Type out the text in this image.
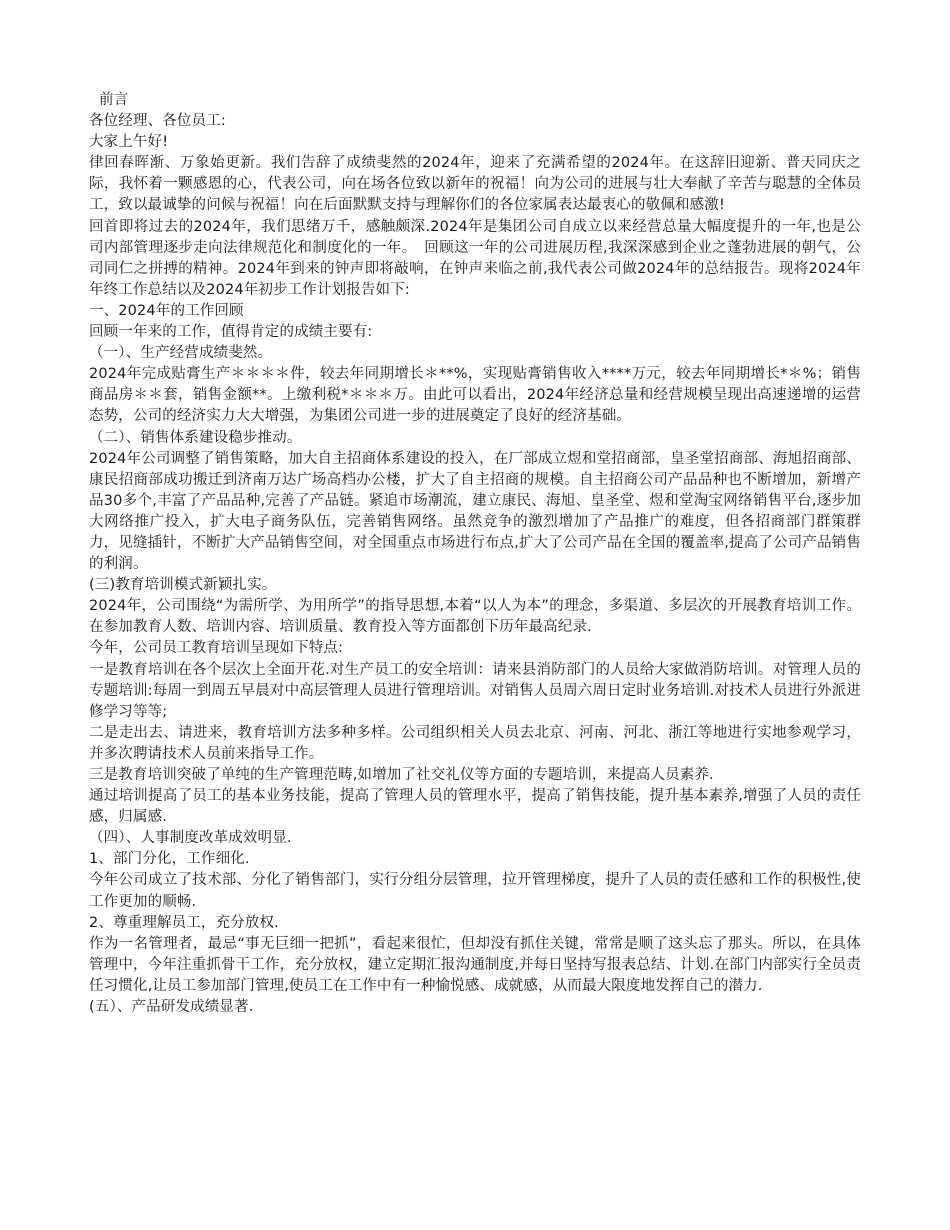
前言

各位经理、各位员工:

大家上午好!

律回春晖渐、万象始更新。我们告辞了成绩斐然的2024年，迎来了充满希望的2024年。在这辞旧迎新、普天同庆之际，我怀着一颗感恩的心，代表公司，向在场各位致以新年的祝福！向为公司的进展与壮大奉献了辛苦与聪慧的全体员工，致以最诚挚的问候与祝福！向在后面默默支持与理解你们的各位家属表达最衷心的敬佩和感激!

回首即将过去的2024年，我们思绪万千，感触颇深.2024年是集团公司自成立以来经营总量大幅度提升的一年,也是公司内部管理逐步走向法律规范化和制度化的一年。　回顾这一年的公司进展历程,我深深感到企业之蓬勃进展的朝气，公司同仁之拼搏的精神。2024年到来的钟声即将敲响，在钟声来临之前,我代表公司做2024年的总结报告。现将2024年年终工作总结以及2024年初步工作计划报告如下:

一、2024年的工作回顾

回顾一年来的工作，值得肯定的成绩主要有:

（一）、生产经营成绩斐然。

2024年完成贴膏生产＊＊＊＊件，较去年同期增长＊**%，实现贴膏销售收入****万元，较去年同期增长*＊%；销售商品房＊＊套，销售金额**。上缴利税*＊＊＊万。由此可以看出，2024年经济总量和经营规模呈现出高速递增的运营态势，公司的经济实力大大增强，为集团公司进一步的进展奠定了良好的经济基础。

（二）、销售体系建设稳步推动。

2024年公司调整了销售策略，加大自主招商体系建设的投入，在厂部成立煜和堂招商部，皇圣堂招商部、海旭招商部、康民招商部成功搬迁到济南万达广场高档办公楼，扩大了自主招商的规模。自主招商公司产品品种也不断增加，新增产品30多个,丰富了产品品种,完善了产品链。紧追市场潮流，建立康民、海旭、皇圣堂、煜和堂淘宝网络销售平台,逐步加大网络推广投入，扩大电子商务队伍，完善销售网络。虽然竞争的激烈增加了产品推广的难度，但各招商部门群策群力，见缝插针，不断扩大产品销售空间，对全国重点市场进行布点,扩大了公司产品在全国的覆盖率,提高了公司产品销售的利润。

(三)教育培训模式新颖扎实。

2024年，公司围绕“为需所学、为用所学”的指导思想,本着“以人为本”的理念，多渠道、多层次的开展教育培训工作。在参加教育人数、培训内容、培训质量、教育投入等方面都创下历年最高纪录.

今年，公司员工教育培训呈现如下特点:

一是教育培训在各个层次上全面开花.对生产员工的安全培训：请来县消防部门的人员给大家做消防培训。对管理人员的专题培训:每周一到周五早晨对中高层管理人员进行管理培训。对销售人员周六周日定时业务培训.对技术人员进行外派进修学习等等;

二是走出去、请进来，教育培训方法多种多样。公司组织相关人员去北京、河南、河北、浙江等地进行实地参观学习，并多次聘请技术人员前来指导工作。

三是教育培训突破了单纯的生产管理范畴,如增加了社交礼仪等方面的专题培训，来提高人员素养.

通过培训提高了员工的基本业务技能，提高了管理人员的管理水平，提高了销售技能，提升基本素养,增强了人员的责任感，归属感.

（四）、人事制度改革成效明显.

1、部门分化，工作细化.

今年公司成立了技术部、分化了销售部门，实行分组分层管理，拉开管理梯度，提升了人员的责任感和工作的积极性,使工作更加的顺畅.

2、尊重理解员工，充分放权.

作为一名管理者，最忌“事无巨细一把抓”，看起来很忙，但却没有抓住关键，常常是顺了这头忘了那头。所以，在具体管理中，今年注重抓骨干工作，充分放权，建立定期汇报沟通制度,并每日坚持写报表总结、计划.在部门内部实行全员责任习惯化,让员工参加部门管理,使员工在工作中有一种愉悦感、成就感，从而最大限度地发挥自己的潜力.

(五）、产品研发成绩显著.
